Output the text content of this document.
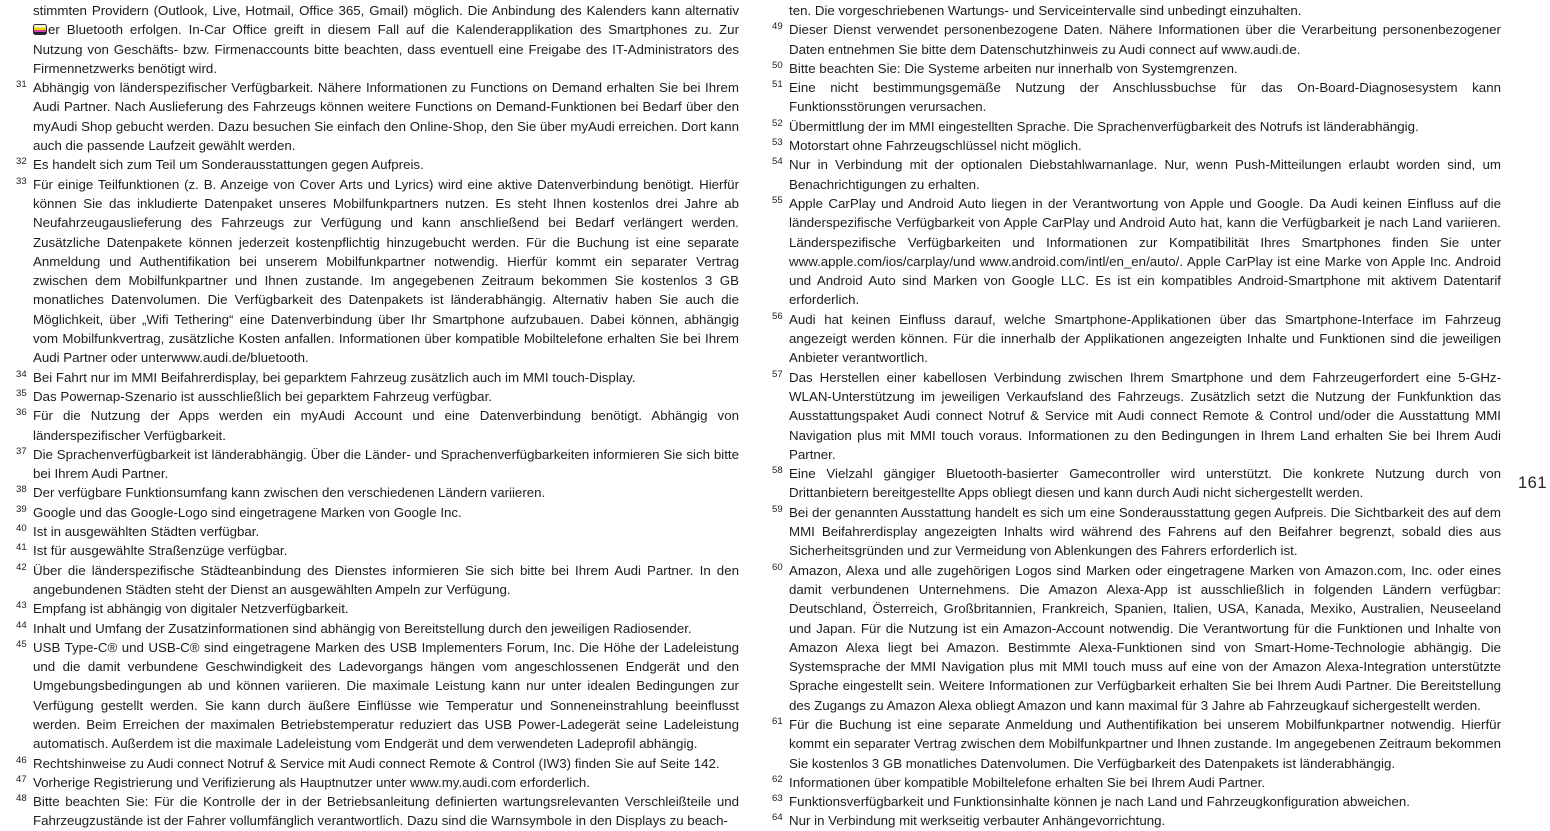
stimmten Providern (Outlook, Live, Hotmail, Office 365, Gmail) möglich. Die Anbindung des Kalenders kann alternativ er Bluetooth erfolgen. In-Car Office greift in diesem Fall auf die Kalenderapplikation des Smartphones zu. Zur Nutzung von Geschäfts- bzw. Firmenaccounts bitte beachten, dass eventuell eine Freigabe des IT-Administrators des Firmennetzwerks benötigt wird.
31 Abhängig von länderspezifischer Verfügbarkeit. Nähere Informationen zu Functions on Demand erhalten Sie bei Ihrem Audi Partner. Nach Auslieferung des Fahrzeugs können weitere Functions on Demand-Funktionen bei Bedarf über den myAudi Shop gebucht werden. Dazu besuchen Sie einfach den Online-Shop, den Sie über myAudi erreichen. Dort kann auch die passende Laufzeit gewählt werden.
32 Es handelt sich zum Teil um Sonderausstattungen gegen Aufpreis.
33 Für einige Teilfunktionen (z. B. Anzeige von Cover Arts und Lyrics) wird eine aktive Datenverbindung benötigt. Hierfür können Sie das inkludierte Datenpaket unseres Mobilfunkpartners nutzen. Es steht Ihnen kostenlos drei Jahre ab Neufahrzeugauslieferung des Fahrzeugs zur Verfügung und kann anschließend bei Bedarf verlängert werden. Zusätzliche Datenpakete können jederzeit kostenpflichtig hinzugebucht werden. Für die Buchung ist eine separate Anmeldung und Authentifikation bei unserem Mobilfunkpartner notwendig. Hierfür kommt ein separater Vertrag zwischen dem Mobilfunkpartner und Ihnen zustande. Im angegebenen Zeitraum bekommen Sie kostenlos 3 GB monatliches Datenvolumen. Die Verfügbarkeit des Datenpakets ist länderabhängig. Alternativ haben Sie auch die Möglichkeit, über „Wifi Tethering“ eine Datenverbindung über Ihr Smartphone aufzubauen. Dabei können, abhängig vom Mobilfunkvertrag, zusätzliche Kosten anfallen. Informationen über kompatible Mobiltelefone erhalten Sie bei Ihrem Audi Partner oder unterwww.audi.de/bluetooth.
34 Bei Fahrt nur im MMI Beifahrerdisplay, bei geparktem Fahrzeug zusätzlich auch im MMI touch-Display.
35 Das Powernap-Szenario ist ausschließlich bei geparktem Fahrzeug verfügbar.
36 Für die Nutzung der Apps werden ein myAudi Account und eine Datenverbindung benötigt. Abhängig von länderspezifischer Verfügbarkeit.
37 Die Sprachenverfügbarkeit ist länderabhängig. Über die Länder- und Sprachenverfügbarkeiten informieren Sie sich bitte bei Ihrem Audi Partner.
38 Der verfügbare Funktionsumfang kann zwischen den verschiedenen Ländern variieren.
39 Google und das Google-Logo sind eingetragene Marken von Google Inc.
40 Ist in ausgewählten Städten verfügbar.
41 Ist für ausgewählte Straßenzüge verfügbar.
42 Über die länderspezifische Städteanbindung des Dienstes informieren Sie sich bitte bei Ihrem Audi Partner. In den angebundenen Städten steht der Dienst an ausgewählten Ampeln zur Verfügung.
43 Empfang ist abhängig von digitaler Netzverfügbarkeit.
44 Inhalt und Umfang der Zusatzinformationen sind abhängig von Bereitstellung durch den jeweiligen Radiosender.
45 USB Type-C® und USB-C® sind eingetragene Marken des USB Implementers Forum, Inc. Die Höhe der Ladeleistung und die damit verbundene Geschwindigkeit des Ladevorgangs hängen vom angeschlossenen Endgerät und den Umgebungsbedingungen ab und können variieren. Die maximale Leistung kann nur unter idealen Bedingungen zur Verfügung gestellt werden. Sie kann durch äußere Einflüsse wie Temperatur und Sonneneinstrahlung beeinflusst werden. Beim Erreichen der maximalen Betriebstemperatur reduziert das USB Power-Ladegerät seine Ladeleistung automatisch. Außerdem ist die maximale Ladeleistung vom Endgerät und dem verwendeten Ladeprofil abhängig.
46 Rechtshinweise zu Audi connect Notruf & Service mit Audi connect Remote & Control (IW3) finden Sie auf Seite 142.
47 Vorherige Registrierung und Verifizierung als Hauptnutzer unter www.my.audi.com erforderlich.
48 Bitte beachten Sie: Für die Kontrolle der in der Betriebsanleitung definierten wartungsrelevanten Verschleißteile und Fahrzeugzustände ist der Fahrer vollumfänglich verantwortlich. Dazu sind die Warnsymbole in den Displays zu beach-
ten. Die vorgeschriebenen Wartungs- und Serviceintervalle sind unbedingt einzuhalten.
49 Dieser Dienst verwendet personenbezogene Daten. Nähere Informationen über die Verarbeitung personenbezogener Daten entnehmen Sie bitte dem Datenschutzhinweis zu Audi connect auf www.audi.de.
50 Bitte beachten Sie: Die Systeme arbeiten nur innerhalb von Systemgrenzen.
51 Eine nicht bestimmungsgemäße Nutzung der Anschlussbuchse für das On-Board-Diagnosesystem kann Funktionsstörungen verursachen.
52 Übermittlung der im MMI eingestellten Sprache. Die Sprachenverfügbarkeit des Notrufs ist länderabhängig.
53 Motorstart ohne Fahrzeugschlüssel nicht möglich.
54 Nur in Verbindung mit der optionalen Diebstahlwarnanlage. Nur, wenn Push-Mitteilungen erlaubt worden sind, um Benachrichtigungen zu erhalten.
55 Apple CarPlay und Android Auto liegen in der Verantwortung von Apple und Google. Da Audi keinen Einfluss auf die länderspezifische Verfügbarkeit von Apple CarPlay und Android Auto hat, kann die Verfügbarkeit je nach Land variieren. Länderspezifische Verfügbarkeiten und Informationen zur Kompatibilität Ihres Smartphones finden Sie unter www.apple.com/ios/carplay/und www.android.com/intl/en_en/auto/. Apple CarPlay ist eine Marke von Apple Inc. Android und Android Auto sind Marken von Google LLC. Es ist ein kompatibles Android-Smartphone mit aktivem Datentarif erforderlich.
56 Audi hat keinen Einfluss darauf, welche Smartphone-Applikationen über das Smartphone-Interface im Fahrzeug angezeigt werden können. Für die innerhalb der Applikationen angezeigten Inhalte und Funktionen sind die jeweiligen Anbieter verantwortlich.
57 Das Herstellen einer kabellosen Verbindung zwischen Ihrem Smartphone und dem Fahrzeugerfordert eine 5-GHz-WLAN-Unterstützung im jeweiligen Verkaufsland des Fahrzeugs. Zusätzlich setzt die Nutzung der Funkfunktion das Ausstattungspaket Audi connect Notruf & Service mit Audi connect Remote & Control und/oder die Ausstattung MMI Navigation plus mit MMI touch voraus. Informationen zu den Bedingungen in Ihrem Land erhalten Sie bei Ihrem Audi Partner.
58 Eine Vielzahl gängiger Bluetooth-basierter Gamecontroller wird unterstützt. Die konkrete Nutzung durch von Drittanbietern bereitgestellte Apps obliegt diesen und kann durch Audi nicht sichergestellt werden.
59 Bei der genannten Ausstattung handelt es sich um eine Sonderausstattung gegen Aufpreis. Die Sichtbarkeit des auf dem MMI Beifahrerdisplay angezeigten Inhalts wird während des Fahrens auf den Beifahrer begrenzt, sobald dies aus Sicherheitsgründen und zur Vermeidung von Ablenkungen des Fahrers erforderlich ist.
60 Amazon, Alexa und alle zugehörigen Logos sind Marken oder eingetragene Marken von Amazon.com, Inc. oder eines damit verbundenen Unternehmens. Die Amazon Alexa-App ist ausschließlich in folgenden Ländern verfügbar: Deutschland, Österreich, Großbritannien, Frankreich, Spanien, Italien, USA, Kanada, Mexiko, Australien, Neuseeland und Japan. Für die Nutzung ist ein Amazon-Account notwendig. Die Verantwortung für die Funktionen und Inhalte von Amazon Alexa liegt bei Amazon. Bestimmte Alexa-Funktionen sind von Smart-Home-Technologie abhängig. Die Systemsprache der MMI Navigation plus mit MMI touch muss auf eine von der Amazon Alexa-Integration unterstützte Sprache eingestellt sein. Weitere Informationen zur Verfügbarkeit erhalten Sie bei Ihrem Audi Partner. Die Bereitstellung des Zugangs zu Amazon Alexa obliegt Amazon und kann maximal für 3 Jahre ab Fahrzeugkauf sichergestellt werden.
61 Für die Buchung ist eine separate Anmeldung und Authentifikation bei unserem Mobilfunkpartner notwendig. Hierfür kommt ein separater Vertrag zwischen dem Mobilfunkpartner und Ihnen zustande. Im angegebenen Zeitraum bekommen Sie kostenlos 3 GB monatliches Datenvolumen. Die Verfügbarkeit des Datenpakets ist länderabhängig.
62 Informationen über kompatible Mobiltelefone erhalten Sie bei Ihrem Audi Partner.
63 Funktionsverfügbarkeit und Funktionsinhalte können je nach Land und Fahrzeugkonfiguration abweichen.
64 Nur in Verbindung mit werkseitig verbauter Anhängevorrichtung.
161
